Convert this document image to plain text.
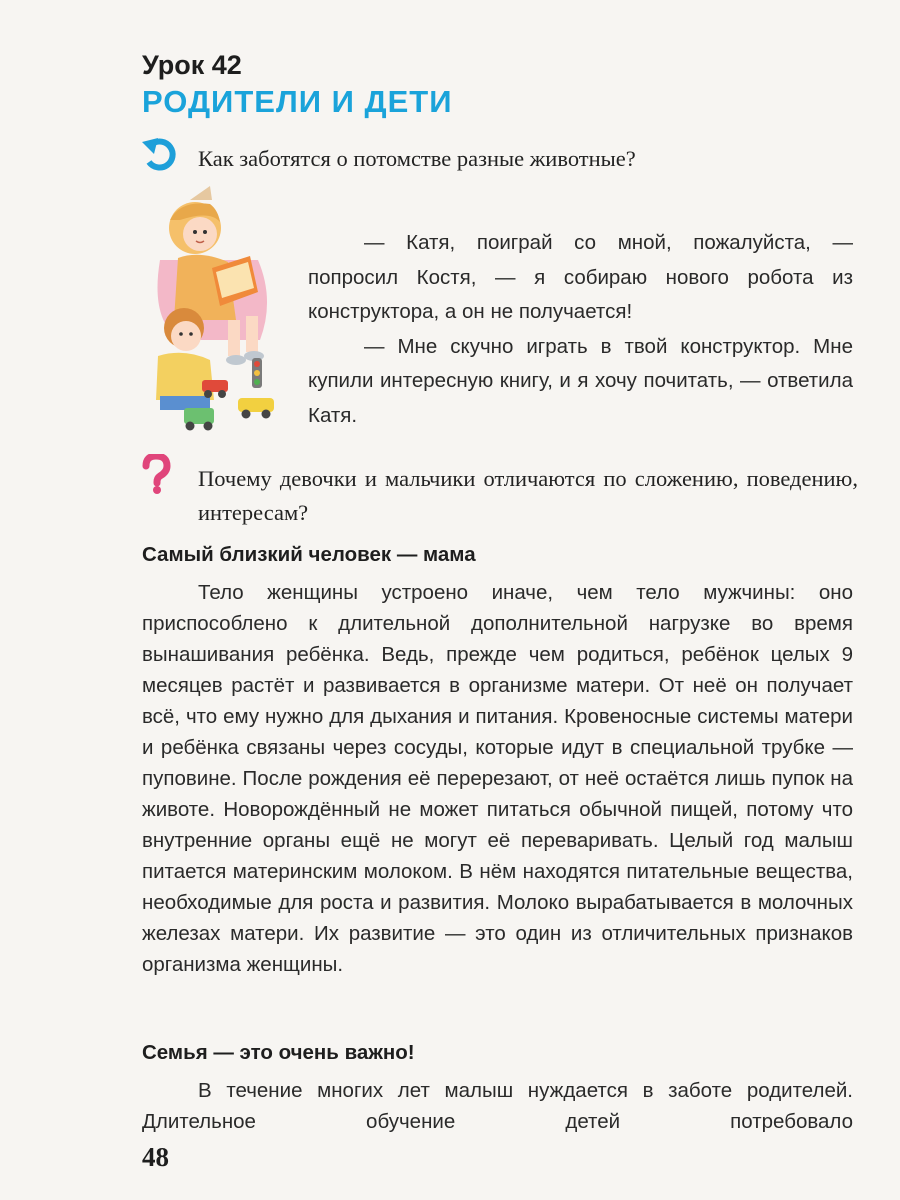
Урок 42
РОДИТЕЛИ И ДЕТИ
Как заботятся о потомстве разные животные?

— Катя, поиграй со мной, пожалуйста, — попросил Костя, — я собираю нового робота из конструктора, а он не получается!

— Мне скучно играть в твой конструктор. Мне купили интересную книгу, и я хочу почитать, — ответила Катя.

Почему девочки и мальчики отличаются по сложению, поведению, интересам?
Самый близкий человек — мама

Тело женщины устроено иначе, чем тело мужчины: оно приспособлено к длительной дополнительной нагрузке во время вынашивания ребёнка. Ведь, прежде чем родиться, ребёнок целых 9 месяцев растёт и развивается в организме матери. От неё он получает всё, что ему нужно для дыхания и питания. Кровеносные системы матери и ребёнка связаны через сосуды, которые идут в специальной трубке — пуповине. После рождения её перерезают, от неё остаётся лишь пупок на животе. Новорождённый не может питаться обычной пищей, потому что внутренние органы ещё не могут её переваривать. Целый год малыш питается материнским молоком. В нём находятся питательные вещества, необходимые для роста и развития. Молоко вырабатывается в молочных железах матери. Их развитие — это один из отличительных признаков организма женщины.

Семья — это очень важно!

В течение многих лет малыш нуждается в заботе родителей. Длительное обучение детей потребовало

48
